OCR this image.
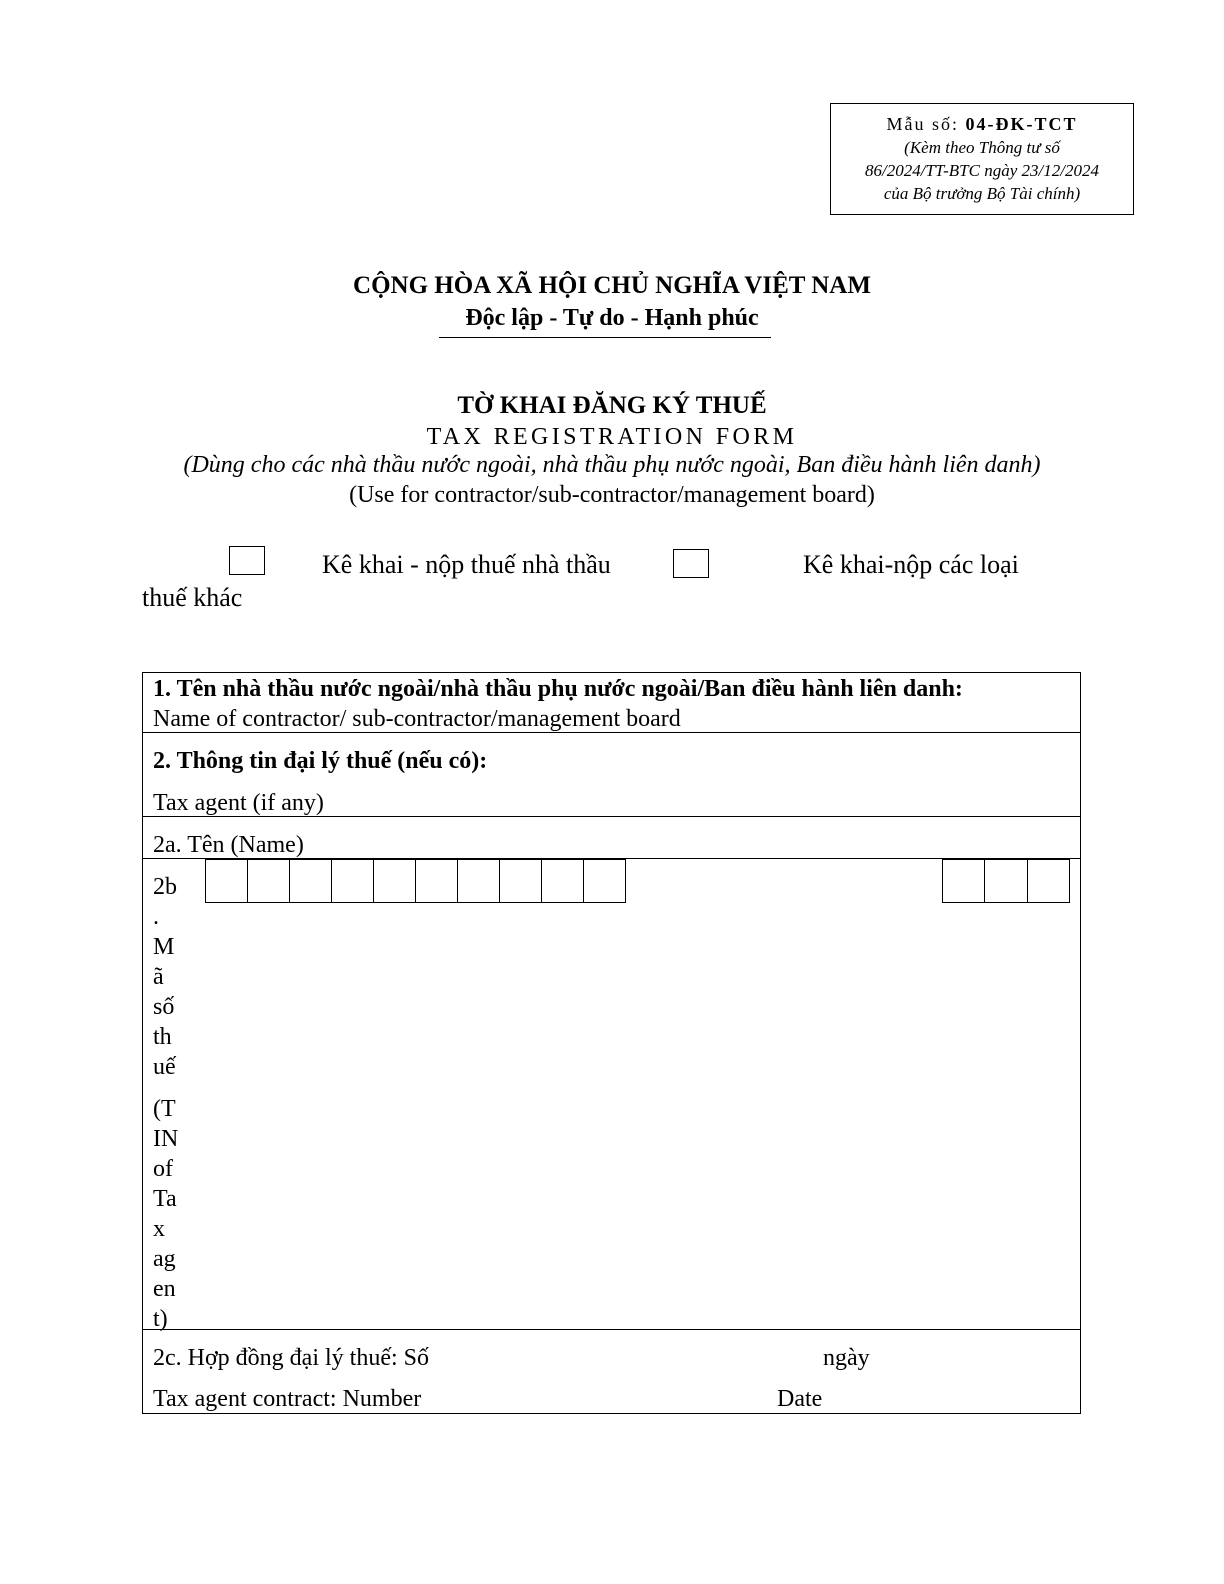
Mẫu số: 04-ĐK-TCT
(Kèm theo Thông tư số
86/2024/TT-BTC ngày 23/12/2024
của Bộ trưởng Bộ Tài chính)
CỘNG HÒA XÃ HỘI CHỦ NGHĨA VIỆT NAM
Độc lập - Tự do - Hạnh phúc
TỜ KHAI ĐĂNG KÝ THUẾ
TAX REGISTRATION FORM
(Dùng cho các nhà thầu nước ngoài, nhà thầu phụ nước ngoài, Ban điều hành liên danh)
(Use for contractor/sub-contractor/management board)
Kê khai - nộp thuế nhà thầu	Kê khai-nộp các loại
thuế khác
1. Tên nhà thầu nước ngoài/nhà thầu phụ nước ngoài/Ban điều hành liên danh:
Name of contractor/ sub-contractor/management board
2. Thông tin đại lý thuế (nếu có):
Tax agent (if any)
2a. Tên (Name)
2b
.
M
ã
số
th
uế
(T
IN
of
Ta
x
ag
en
t)
2c. Hợp đồng đại lý thuế: Số	ngày
Tax agent contract: Number	Date
